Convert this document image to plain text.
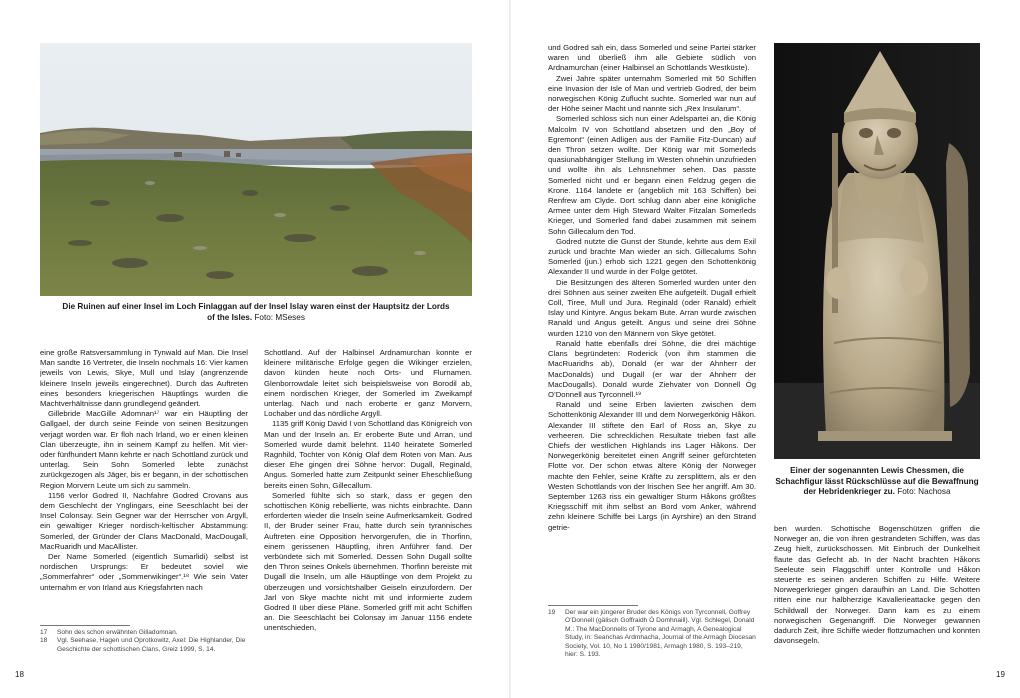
Die Ruinen auf einer Insel im Loch Finlaggan auf der Insel Islay waren einst der Hauptsitz der Lords of the Isles. Foto: MSeses

eine große Ratsversammlung in Tynwald auf Man. Die Insel Man sandte 16 Vertreter, die Inseln nochmals 16: Vier kamen jeweils von Lewis, Skye, Mull und Islay (angrenzende kleinere Inseln jeweils eingerechnet). Durch das Auftreten eines besonders kriegerischen Häuptlings wurden die Machtverhältnisse dann grundlegend geändert.

Gillebride MacGille Adomnan¹⁷ war ein Häuptling der Gallgael, der durch seine Feinde von seinen Besitzungen verjagt worden war. Er floh nach Irland, wo er einen kleinen Clan überzeugte, ihn in seinem Kampf zu helfen. Mit vier- oder fünfhundert Mann kehrte er nach Schottland zurück und unterlag. Sein Sohn Somerled lebte zunächst zurückgezogen als Jäger, bis er begann, in der schottischen Region Morvern Leute um sich zu sammeln.

1156 verlor Godred II, Nachfahre Godred Crovans aus dem Geschlecht der Ynglingars, eine Seeschlacht bei der Insel Colonsay. Sein Gegner war der Herrscher von Argyll, ein gewaltiger Krieger nordisch-keltischer Abstammung: Somerled, der Gründer der Clans MacDonald, MacDougall, MacRuaridh und MacAllister.

Der Name Somerled (eigentlich Sumarlidi) selbst ist nordischen Ursprungs: Er bedeutet soviel wie „Sommerfahrer“ oder „Sommerwikinger“.¹⁸ Wie sein Vater unternahm er von Irland aus Kriegsfahrten nach

Schottland. Auf der Halbinsel Ardnamurchan konnte er kleinere militärische Erfolge gegen die Wikinger erzielen, davon künden heute noch Orts- und Flurnamen. Glenborrowdale leitet sich beispielsweise von Borodil ab, einem nordischen Krieger, der Somerled im Zweikampf unterlag. Nach und nach eroberte er ganz Morvern, Lochaber und das nördliche Argyll.

1135 griff König David I von Schottland das Königreich von Man und der Inseln an. Er eroberte Bute und Arran, und Somerled wurde damit belehnt. 1140 heiratete Somerled Ragnhild, Tochter von König Olaf dem Roten von Man. Aus dieser Ehe gingen drei Söhne hervor: Dugall, Reginald, Angus. Somerled hatte zum Zeitpunkt seiner Eheschließung bereits einen Sohn, Gillecallum.

Somerled fühlte sich so stark, dass er gegen den schottischen König rebellierte, was nichts einbrachte. Dann erforderten wieder die Inseln seine Aufmerksamkeit. Godred II, der Bruder seiner Frau, hatte durch sein tyrannisches Auftreten eine Opposition hervorgerufen, die in Thorfinn, einem gerissenen Häuptling, ihren Anführer fand. Der verbündete sich mit Somerled. Dessen Sohn Dugall sollte den Thron seines Onkels übernehmen. Thorfinn bereiste mit Dugall die Inseln, um alle Häuptlinge von dem Projekt zu überzeugen und vorsichtshalber Geiseln einzufordern. Der Jarl von Skye machte nicht mit und informierte zudem Godred II über diese Pläne. Somerled griff mit acht Schiffen an. Die Seeschlacht bei Colonsay im Januar 1156 endete unentschieden,

17	Sohn des schon erwähnten Gilladomnan.
18	Vgl. Seehase, Hagen und Oprotkowitz, Axel: Die Highlander, Die Geschichte der schottischen Clans, Greiz 1999, S. 14.
18

und Godred sah ein, dass Somerled und seine Partei stärker waren und überließ ihm alle Gebiete südlich von Ardnamurchan (einer Halbinsel an Schottlands Westküste).

Zwei Jahre später unternahm Somerled mit 50 Schiffen eine Invasion der Isle of Man und vertrieb Godred, der beim norwegischen König Zuflucht suchte. Somerled war nun auf der Höhe seiner Macht und nannte sich „Rex Insularum“.

Somerled schloss sich nun einer Adelspartei an, die König Malcolm IV von Schottland absetzen und den „Boy of Egremont“ (einen Adligen aus der Familie Fitz-Duncan) auf den Thron setzen wollte. Der König war mit Somerleds quasiunabhängiger Stellung im Westen ohnehin unzufrieden und wollte ihn als Lehnsnehmer sehen. Das passte Somerled nicht und er begann einen Feldzug gegen die Krone. 1164 landete er (angeblich mit 163 Schiffen) bei Renfrew am Clyde. Dort schlug dann aber eine königliche Armee unter dem High Steward Walter Fitzalan Somerleds Krieger, und Somerled fand dabei zusammen mit seinem Sohn Gillecalum den Tod.

Godred nutzte die Gunst der Stunde, kehrte aus dem Exil zurück und brachte Man wieder an sich. Gillecalums Sohn Somerled (jun.) erhob sich 1221 gegen den Schottenkönig Alexander II und wurde in der Folge getötet.

Die Besitzungen des älteren Somerled wurden unter den drei Söhnen aus seiner zweiten Ehe aufgeteilt. Dugall erhielt Coll, Tiree, Mull und Jura. Reginald (oder Ranald) erhielt Islay und Kintyre. Angus bekam Bute. Arran wurde zwischen Ranald und Angus geteilt. Angus und seine drei Söhne wurden 1210 von den Männern von Skye getötet.

Ranald hatte ebenfalls drei Söhne, die drei mächtige Clans begründeten: Roderick (von ihm stammen die MacRuaridhs ab), Donald (er war der Ahnherr der MacDonalds) und Dugall (er war der Ahnherr der MacDougalls). Donald wurde Ziehvater von Donnell Óg O’Donnell aus Tyrconnell.¹⁹

Ranald und seine Erben lavierten zwischen dem Schottenkönig Alexander III und dem Norwegerkönig Håkon. Alexander III stiftete den Earl of Ross an, Skye zu verheeren. Die schrecklichen Resultate trieben fast alle Chiefs der westlichen Highlands ins Lager Håkons. Der Norwegerkönig bereitetet einen Angriff seiner gefürchteten Flotte vor. Der schon etwas ältere König der Norweger machte den Fehler, seine Kräfte zu zersplittern, als er den Westen Schottlands von der Irischen See her angriff. Am 30. September 1263 riss ein gewaltiger Sturm Håkons größtes Kriegsschiff mit ihm selbst an Bord vom Anker, während zehn kleinere Schiffe bei Largs (in Ayrshire) an den Strand getrie-

19	Der war ein jüngerer Bruder des Königs von Tyrconnell, Goffrey O’Donnell (gälisch Goffraidh Ó Domhnaill). Vgl. Schlegel, Donald M.: The MacDonnells of Tyrone and Armagh, A Genealogical Study, in: Seanchas Ardmhacha, Journal of the Armagh Diocesan Society, Vol. 10, No 1 1980/1981, Armagh 1980, S. 193–219, hier: S. 193.

Einer der sogenannten Lewis Chessmen, die Schachfigur lässt Rückschlüsse auf die Bewaffnung der Hebridenkrieger zu. Foto: Nachosa

ben wurden. Schottische Bogenschützen griffen die Norweger an, die von ihren gestrandeten Schiffen, was das Zeug hielt, zurückschossen. Mit Einbruch der Dunkelheit flaute das Gefecht ab. In der Nacht brachten Håkons Seeleute sein Flaggschiff unter Kontrolle und Håkon steuerte es seinen anderen Schiffen zu Hilfe. Weitere Norwegerkrieger gingen daraufhin an Land. Die Schotten ritten eine nur halbherzige Kavallerieattacke gegen den Schildwall der Norweger. Dann kam es zu einem norwegischen Gegenangriff. Die Norweger gewannen dadurch Zeit, ihre Schiffe wieder flottzumachen und konnten davonsegeln.

19
